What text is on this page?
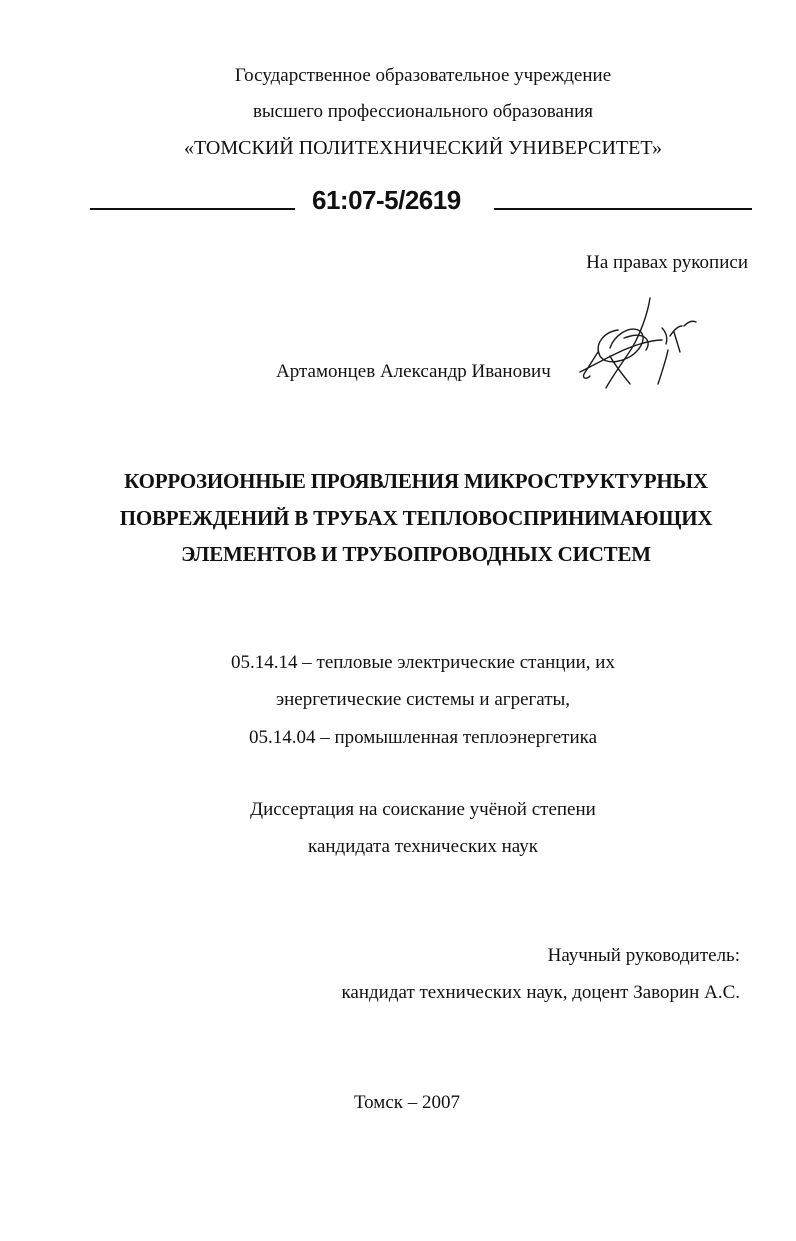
Государственное образовательное учреждение
высшего профессионального образования
«ТОМСКИЙ ПОЛИТЕХНИЧЕСКИЙ УНИВЕРСИТЕТ»
61:07-5/2619
На правах рукописи
Артамонцев Александр Иванович
КОРРОЗИОННЫЕ ПРОЯВЛЕНИЯ МИКРОСТРУКТУРНЫХ
ПОВРЕЖДЕНИЙ В ТРУБАХ ТЕПЛОВОСПРИНИМАЮЩИХ
ЭЛЕМЕНТОВ И ТРУБОПРОВОДНЫХ СИСТЕМ
05.14.14 – тепловые электрические станции, их
энергетические системы и агрегаты,
05.14.04 – промышленная теплоэнергетика
Диссертация на соискание учёной степени
кандидата технических наук
Научный руководитель:
кандидат технических наук, доцент Заворин А.С.
Томск – 2007
